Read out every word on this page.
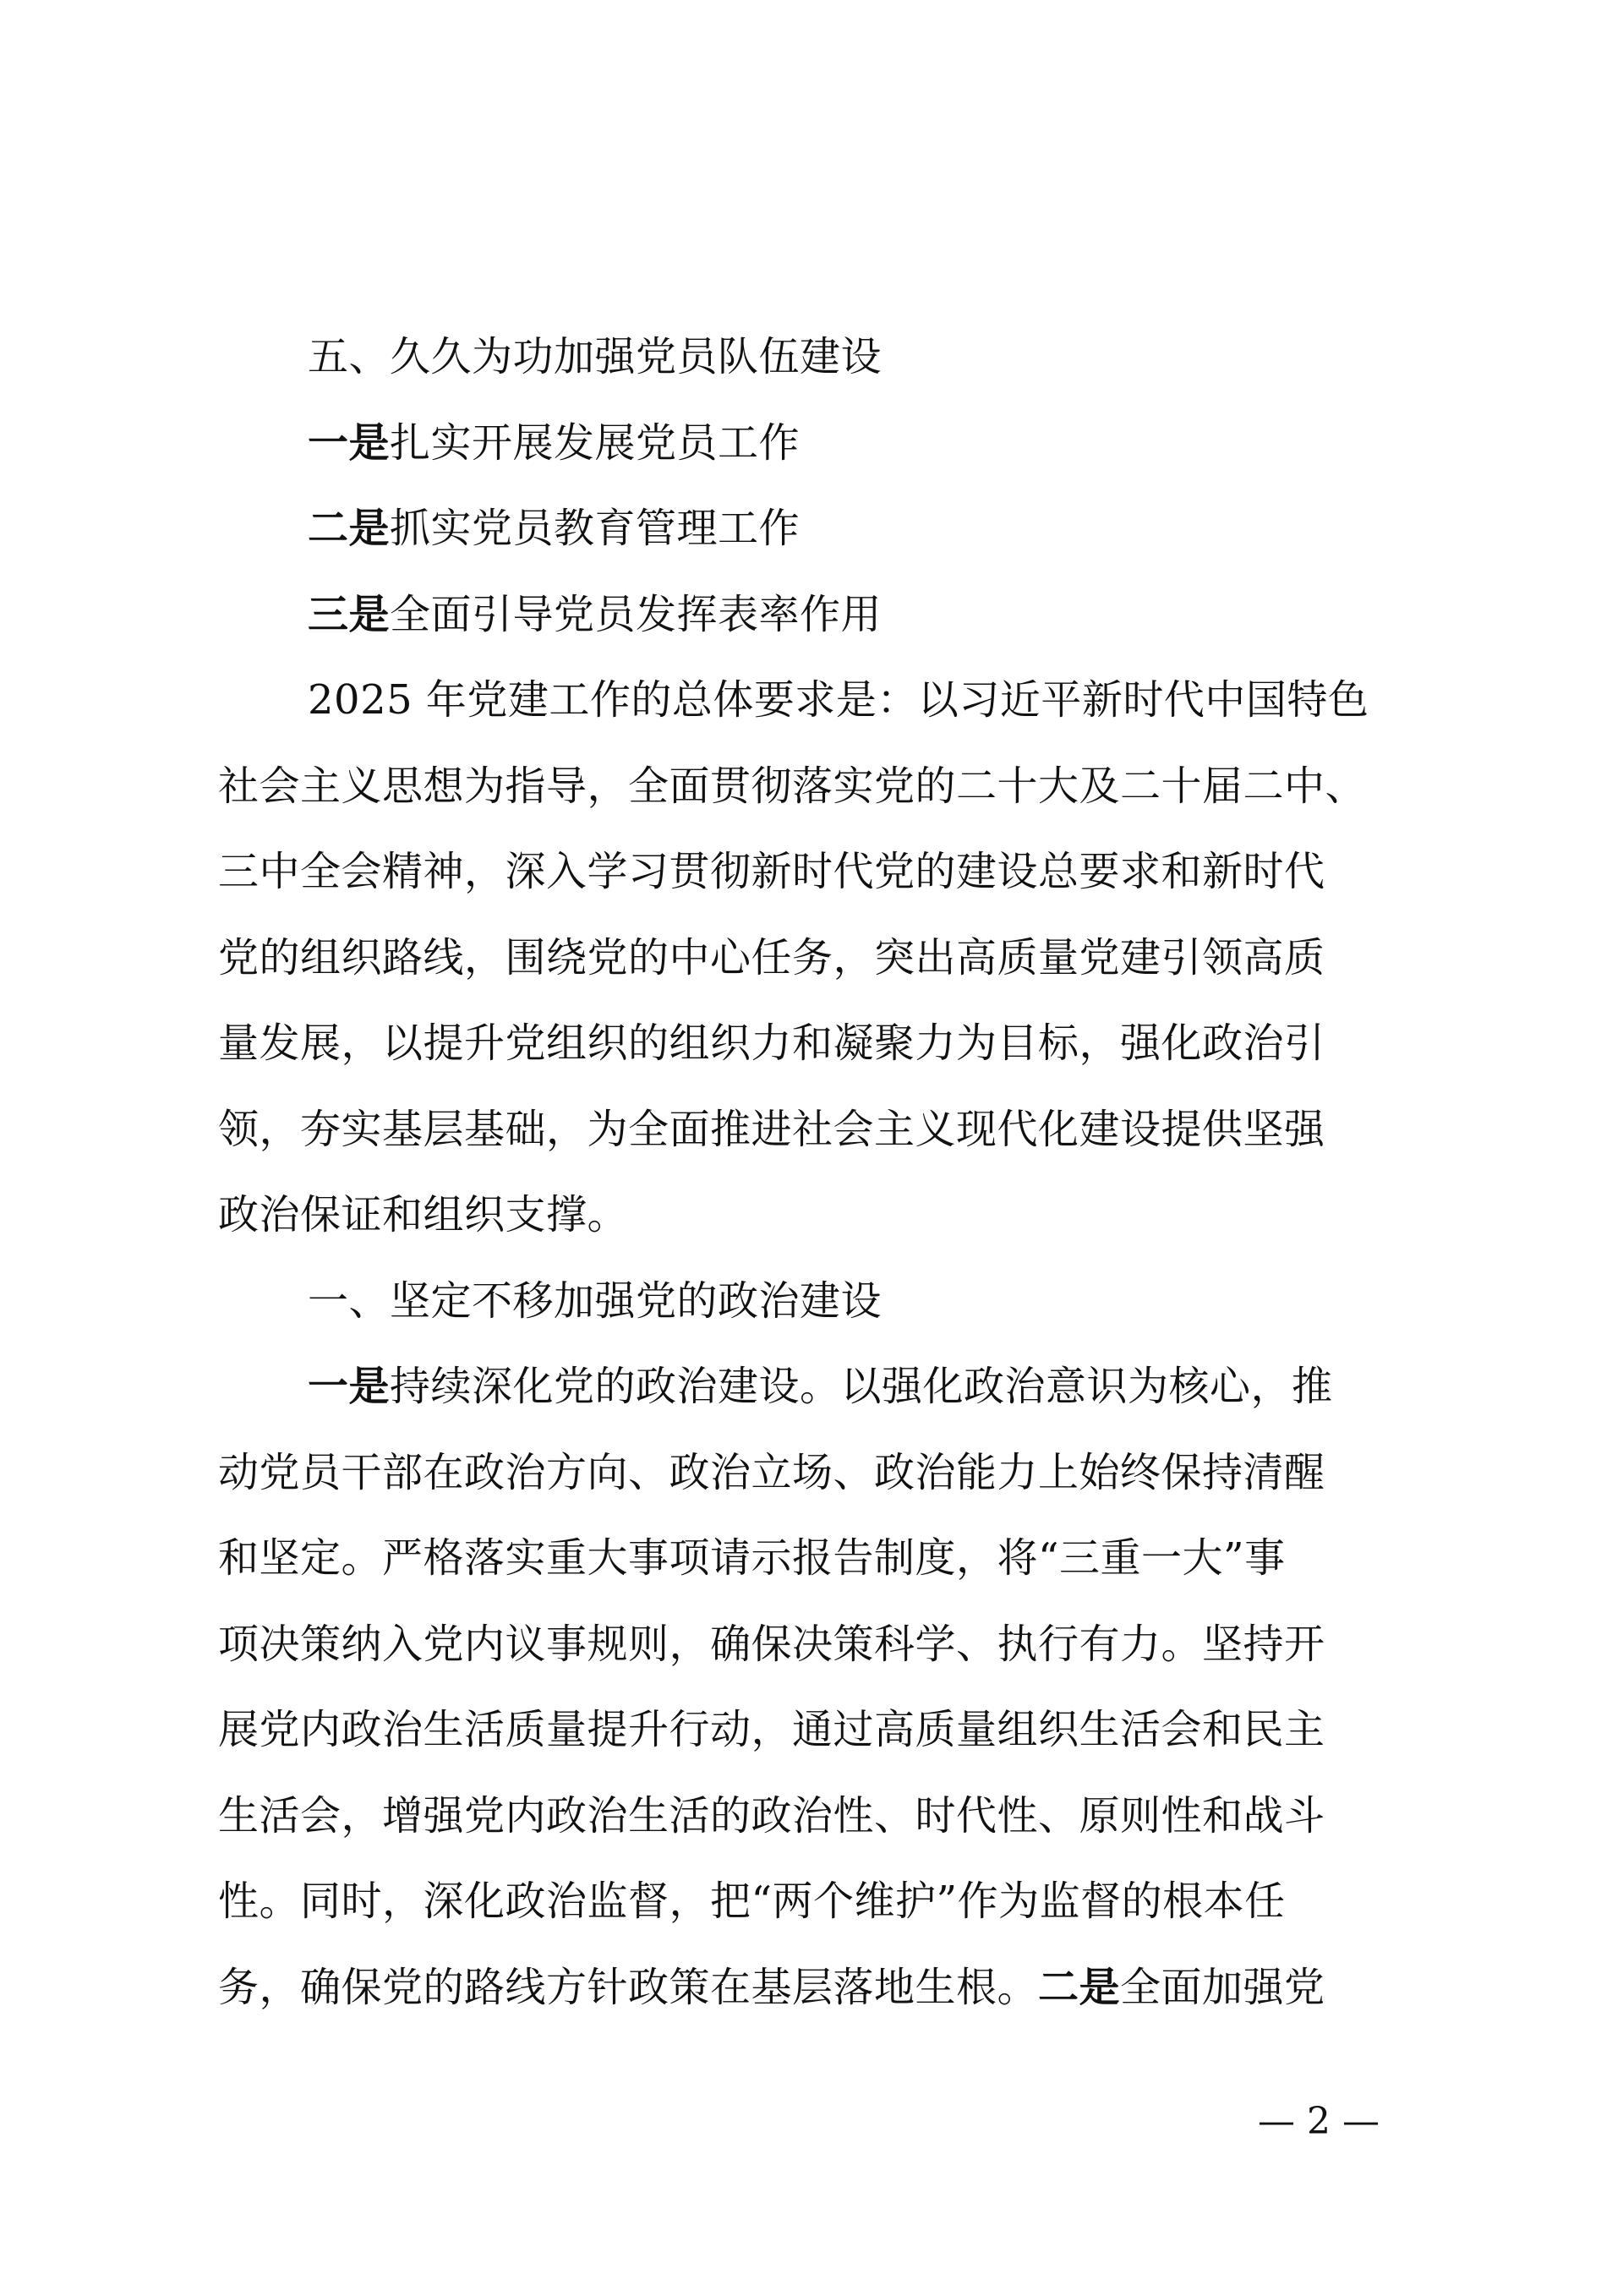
五、久久为功加强党员队伍建设
一是扎实开展发展党员工作
二是抓实党员教育管理工作
三是全面引导党员发挥表率作用
2025 年党建工作的总体要求是：以习近平新时代中国特色
社会主义思想为指导，全面贯彻落实党的二十大及二十届二中、
三中全会精神，深入学习贯彻新时代党的建设总要求和新时代
党的组织路线，围绕党的中心任务，突出高质量党建引领高质
量发展，以提升党组织的组织力和凝聚力为目标，强化政治引
领，夯实基层基础，为全面推进社会主义现代化建设提供坚强
政治保证和组织支撑。
一、坚定不移加强党的政治建设
一是持续深化党的政治建设。以强化政治意识为核心，推
动党员干部在政治方向、政治立场、政治能力上始终保持清醒
和坚定。严格落实重大事项请示报告制度，将“三重一大”事
项决策纳入党内议事规则，确保决策科学、执行有力。坚持开
展党内政治生活质量提升行动，通过高质量组织生活会和民主
生活会，增强党内政治生活的政治性、时代性、原则性和战斗
性。同时，深化政治监督，把“两个维护”作为监督的根本任
务，确保党的路线方针政策在基层落地生根。二是全面加强党
— 2 —
